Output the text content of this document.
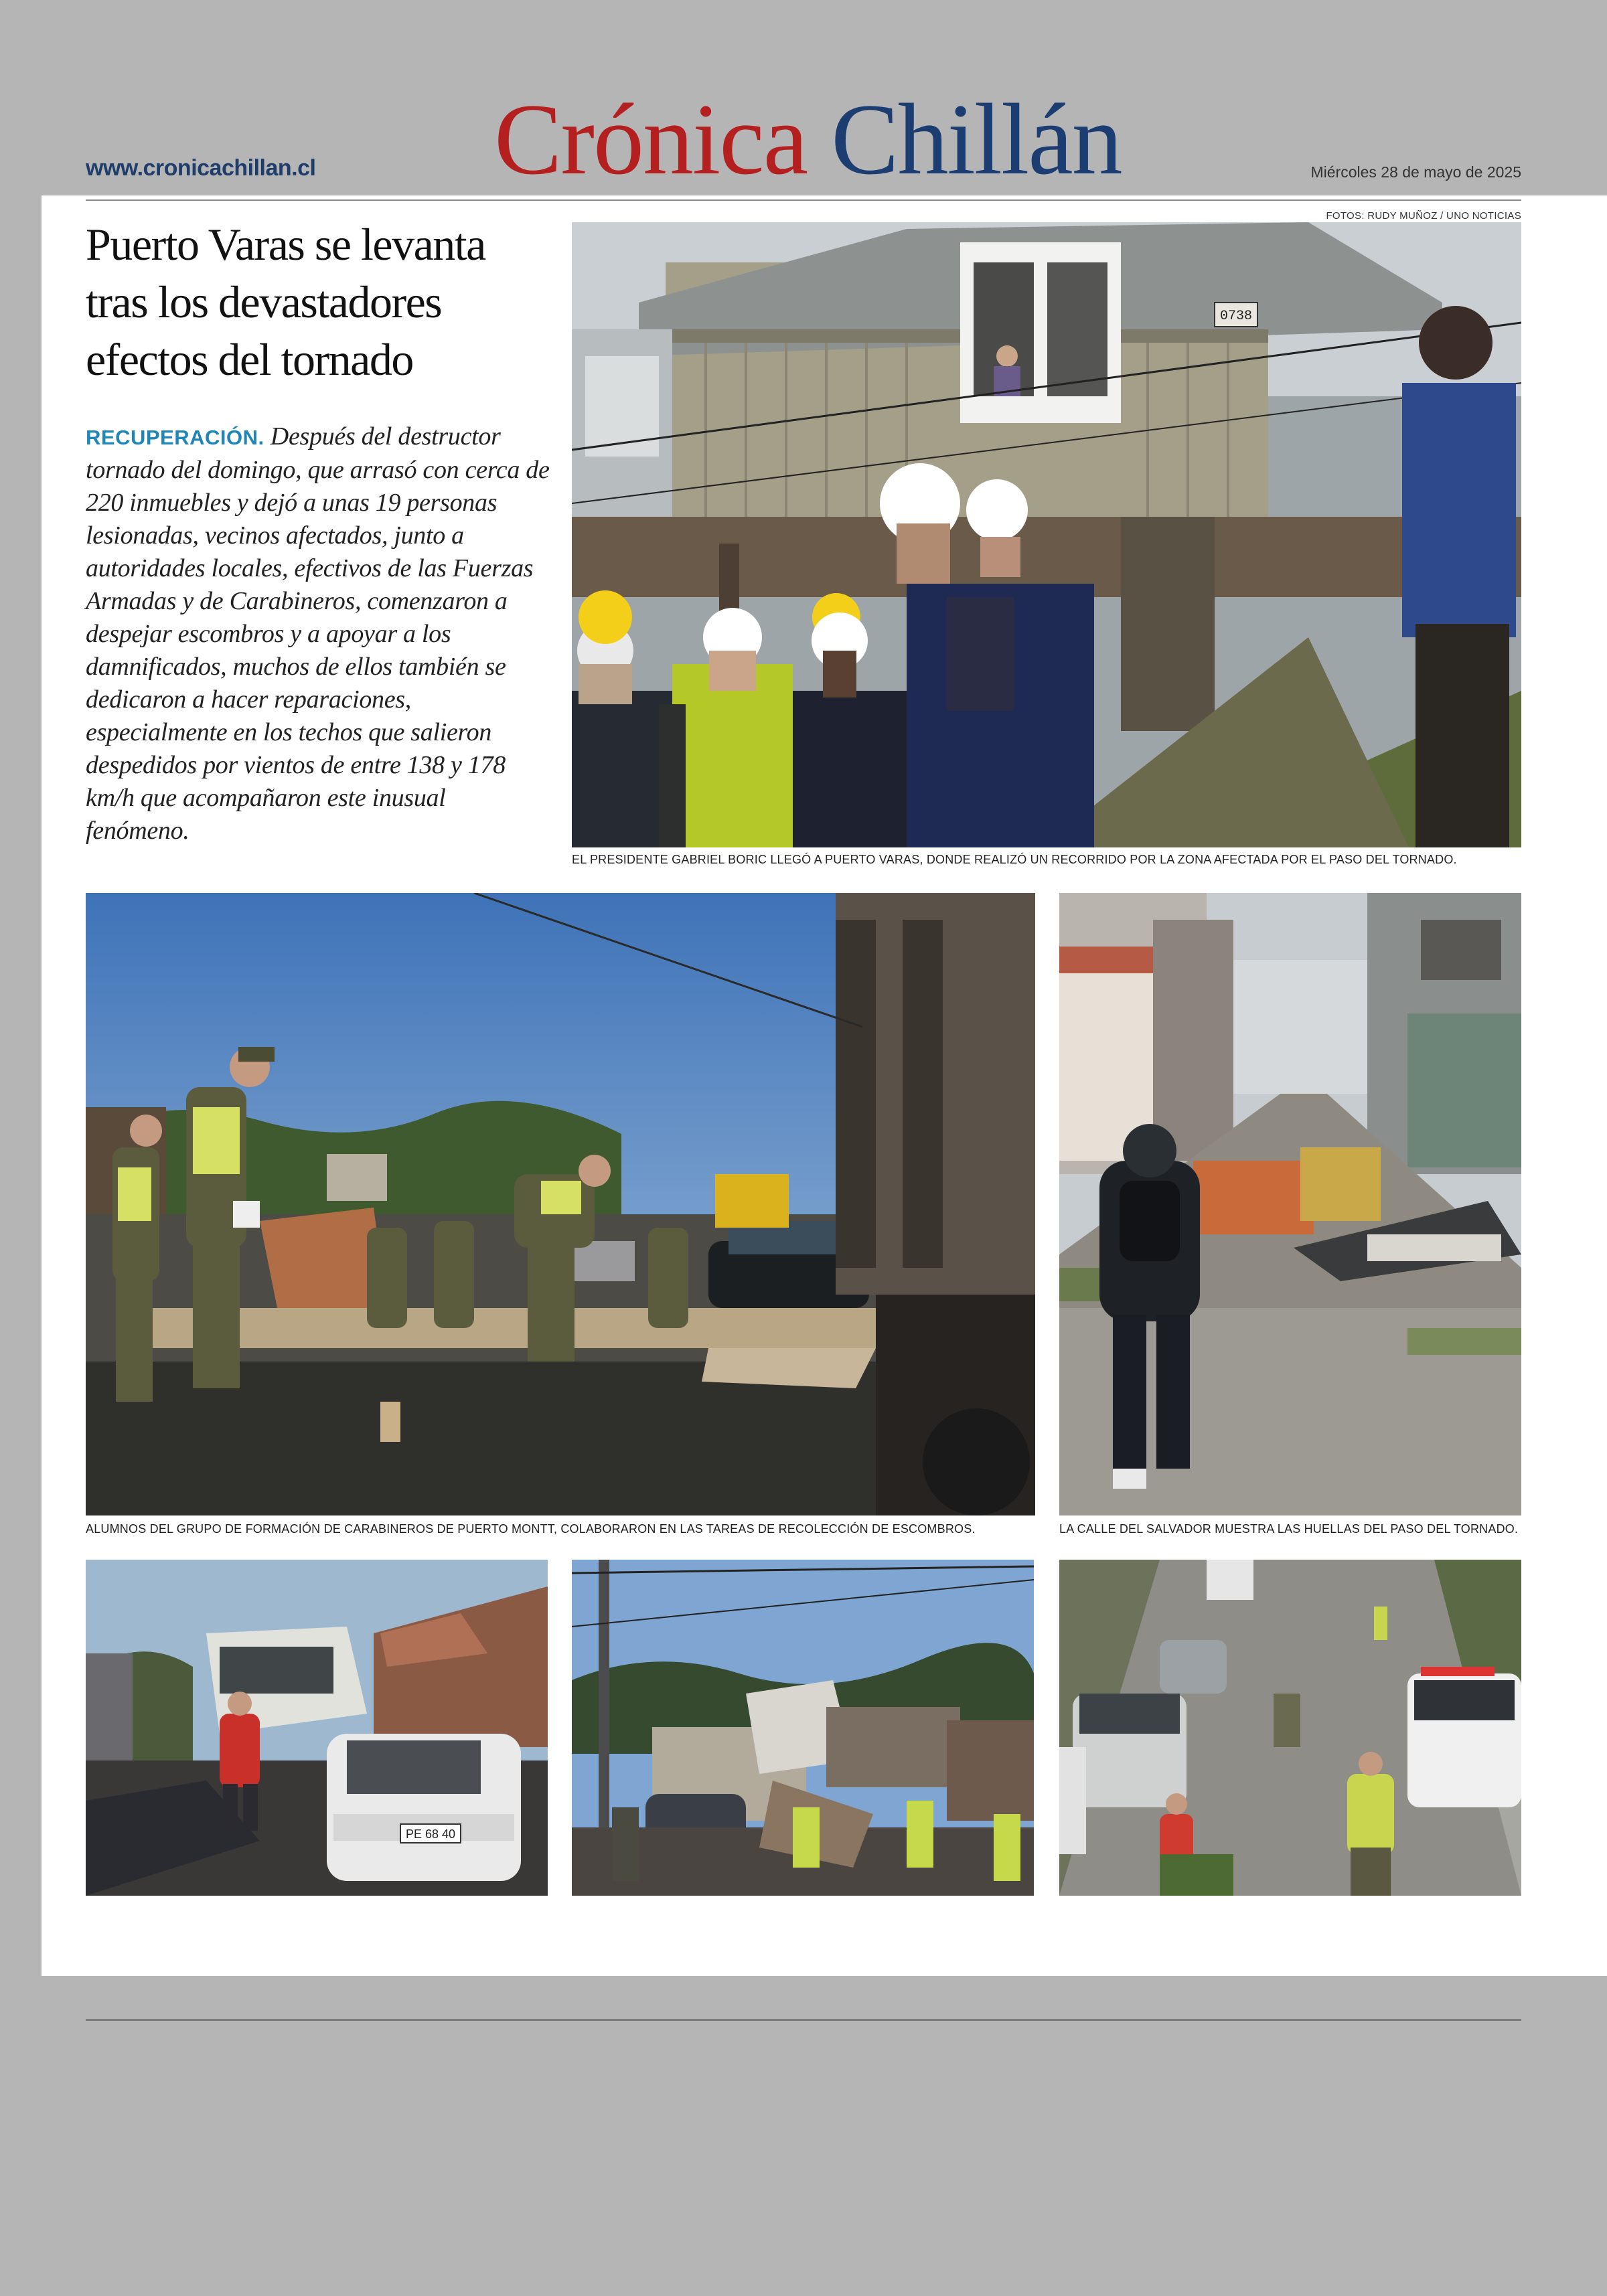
www.cronicachillan.cl Crónica Chillán	Miércoles 28 de mayo de 2025
FOTOS: RUDY MUÑOZ / UNO NOTICIAS
Puerto Varas se levanta tras los devastadores efectos del tornado
RECUPERACIÓN. Después del destructor tornado del domingo, que arrasó con cerca de 220 inmuebles y dejó a unas 19 personas lesionadas, vecinos afectados, junto a autoridades locales, efectivos de las Fuerzas Armadas y de Carabineros, comenzaron a despejar escombros y a apoyar a los damnificados, muchos de ellos también se dedicaron a hacer reparaciones, especialmente en los techos que salieron despedidos por vientos de entre 138 y 178 km/h que acompañaron este inusual fenómeno.
0738
EL PRESIDENTE GABRIEL BORIC LLEGÓ A PUERTO VARAS, DONDE REALIZÓ UN RECORRIDO POR LA ZONA AFECTADA POR EL PASO DEL TORNADO.
ALUMNOS DEL GRUPO DE FORMACIÓN DE CARABINEROS DE PUERTO MONTT, COLABORARON EN LAS TAREAS DE RECOLECCIÓN DE ESCOMBROS.	LA CALLE DEL SALVADOR MUESTRA LAS HUELLAS DEL PASO DEL TORNADO.
PE 68 40
